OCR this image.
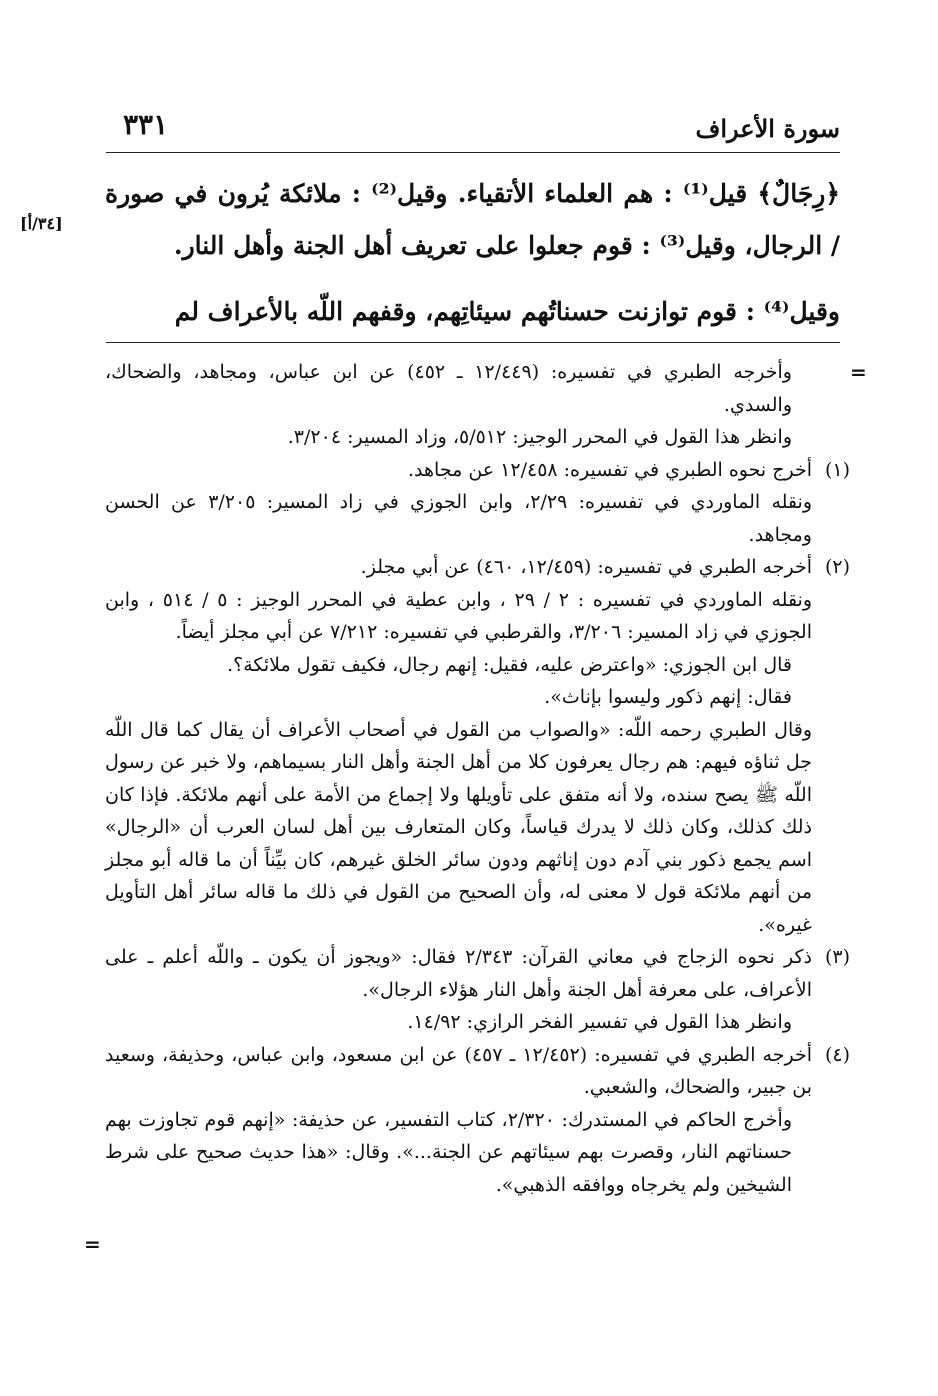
سورة الأعراف
٣٣١
﴿رِجَالٌ﴾ قيل⁽¹⁾ : هم العلماء الأتقياء. وقيل⁽²⁾ : ملائكة يُرون في صورة / الرجال، وقيل⁽³⁾ : قوم جعلوا على تعريف أهل الجنة وأهل النار.
[٣٤/أ]
وقيل⁽⁴⁾ : قوم توازنت حسناتُهم سيئاتِهم، وقفهم اللّه بالأعراف لم
=

وأخرجه الطبري في تفسيره: (١٢/٤٤٩ ـ ٤٥٢) عن ابن عباس، ومجاهد، والضحاك، والسدي.

وانظر هذا القول في المحرر الوجيز: ٥/٥١٢، وزاد المسير: ٣/٢٠٤.

(١)

أخرج نحوه الطبري في تفسيره: ١٢/٤٥٨ عن مجاهد.

ونقله الماوردي في تفسيره: ٢/٢٩، وابن الجوزي في زاد المسير: ٣/٢٠٥ عن الحسن ومجاهد.

(٢)

أخرجه الطبري في تفسيره: (١٢/٤٥٩، ٤٦٠) عن أبي مجلز.

ونقله الماوردي في تفسيره : ٢ / ٢٩ ، وابن عطية في المحرر الوجيز : ٥ / ٥١٤ ، وابن الجوزي في زاد المسير: ٣/٢٠٦، والقرطبي في تفسيره: ٧/٢١٢ عن أبي مجلز أيضاً.

قال ابن الجوزي: «واعترض عليه، فقيل: إنهم رجال، فكيف تقول ملائكة؟.

فقال: إنهم ذكور وليسوا بإناث».

وقال الطبري رحمه اللّه: «والصواب من القول في أصحاب الأعراف أن يقال كما قال اللّه جل ثناؤه فيهم: هم رجال يعرفون كلا من أهل الجنة وأهل النار بسيماهم، ولا خبر عن رسول اللّه ﷺ يصح سنده، ولا أنه متفق على تأويلها ولا إجماع من الأمة على أنهم ملائكة. فإذا كان ذلك كذلك، وكان ذلك لا يدرك قياساً، وكان المتعارف بين أهل لسان العرب أن «الرجال» اسم يجمع ذكور بني آدم دون إناثهم ودون سائر الخلق غيرهم، كان بيِّناً أن ما قاله أبو مجلز من أنهم ملائكة قول لا معنى له، وأن الصحيح من القول في ذلك ما قاله سائر أهل التأويل غيره».

(٣)

ذكر نحوه الزجاج في معاني القرآن: ٢/٣٤٣ فقال: «ويجوز أن يكون ـ واللّه أعلم ـ على الأعراف، على معرفة أهل الجنة وأهل النار هؤلاء الرجال».

وانظر هذا القول في تفسير الفخر الرازي: ١٤/٩٢.

(٤)

أخرجه الطبري في تفسيره: (١٢/٤٥٢ ـ ٤٥٧) عن ابن مسعود، وابن عباس، وحذيفة، وسعيد بن جبير، والضحاك، والشعبي.

وأخرج الحاكم في المستدرك: ٢/٣٢٠، كتاب التفسير، عن حذيفة: «إنهم قوم تجاوزت بهم حسناتهم النار، وقصرت بهم سيئاتهم عن الجنة...». وقال: «هذا حديث صحيح على شرط الشيخين ولم يخرجاه ووافقه الذهبي».

=
